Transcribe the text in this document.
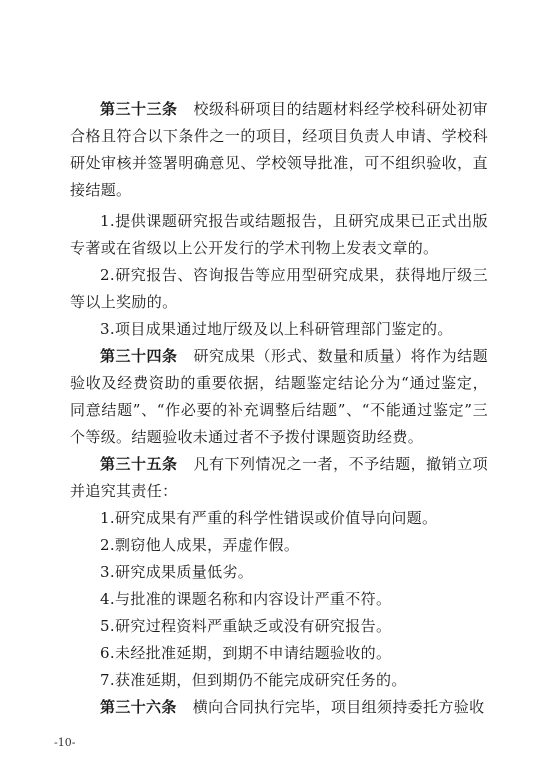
第三十三条 校级科研项目的结题材料经学校科研处初审合格且符合以下条件之一的项目，经项目负责人申请、学校科研处审核并签署明确意见、学校领导批准，可不组织验收，直接结题。

1.提供课题研究报告或结题报告，且研究成果已正式出版专著或在省级以上公开发行的学术刊物上发表文章的。

2.研究报告、咨询报告等应用型研究成果，获得地厅级三等以上奖励的。

3.项目成果通过地厅级及以上科研管理部门鉴定的。

第三十四条 研究成果（形式、数量和质量）将作为结题验收及经费资助的重要依据，结题鉴定结论分为“通过鉴定，同意结题”、“作必要的补充调整后结题”、“不能通过鉴定”三个等级。结题验收未通过者不予拨付课题资助经费。

第三十五条 凡有下列情况之一者，不予结题，撤销立项并追究其责任：

1.研究成果有严重的科学性错误或价值导向问题。

2.剽窃他人成果，弄虚作假。

3.研究成果质量低劣。

4.与批准的课题名称和内容设计严重不符。

5.研究过程资料严重缺乏或没有研究报告。

6.未经批准延期，到期不申请结题验收的。

7.获准延期，但到期仍不能完成研究任务的。

第三十六条 横向合同执行完毕，项目组须持委托方验收

-10-
